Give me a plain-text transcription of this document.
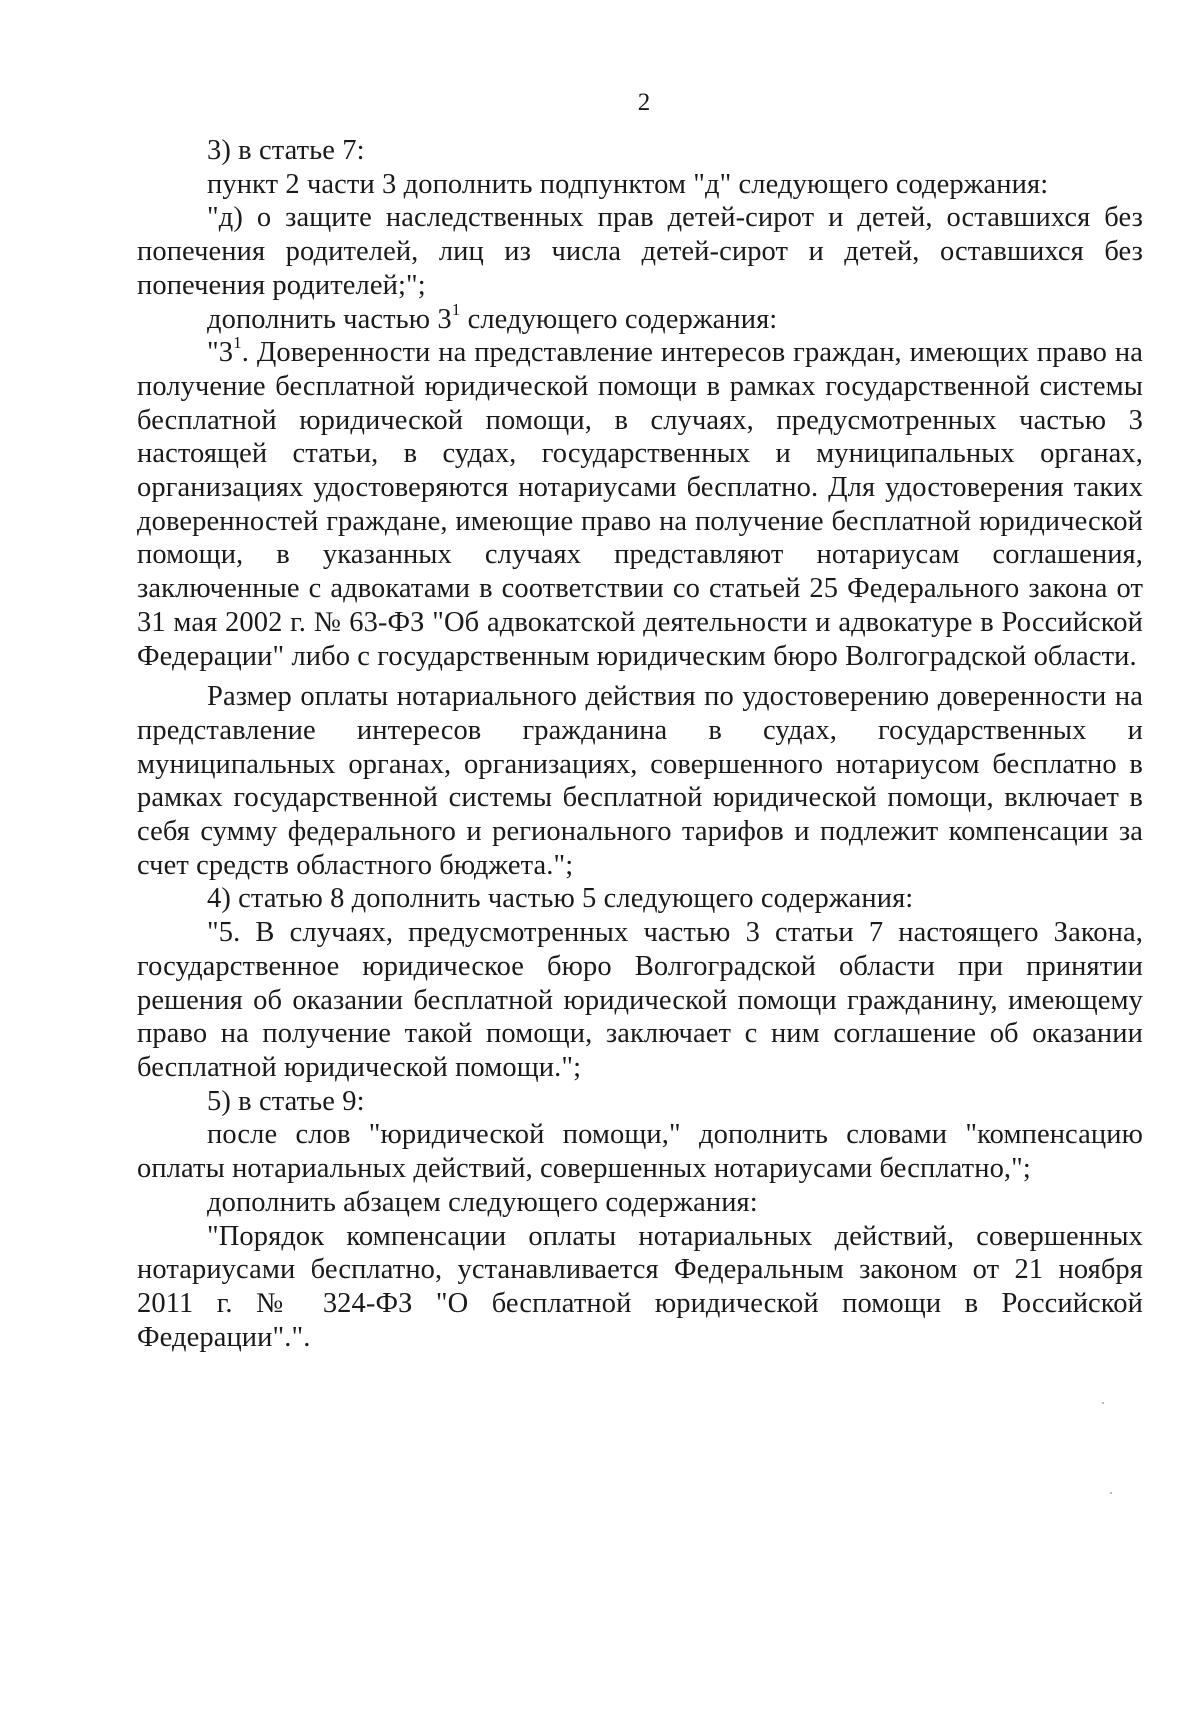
2

3) в статье 7:

пункт 2 части 3 дополнить подпунктом "д" следующего содержания:

"д) о защите наследственных прав детей-сирот и детей, оставшихся без попечения родителей, лиц из числа детей-сирот и детей, оставшихся без попечения родителей;";

дополнить частью $3^1$ следующего содержания:

"$3^1$. Доверенности на представление интересов граждан, имеющих право на получение бесплатной юридической помощи в рамках государственной системы бесплатной юридической помощи, в случаях, предусмотренных частью 3 настоящей статьи, в судах, государственных и муниципальных органах, организациях удостоверяются нотариусами бесплатно. Для удостоверения таких доверенностей граждане, имеющие право на получение бесплатной юридической помощи, в указанных случаях представляют нотариусам соглашения, заключенные с адвокатами в соответствии со статьей 25 Федерального закона от 31 мая 2002 г. № 63-ФЗ "Об адвокатской деятельности и адвокатуре в Российской Федерации" либо с государственным юридическим бюро Волгоградской области.

Размер оплаты нотариального действия по удостоверению доверенности на представление интересов гражданина в судах, государственных и муниципальных органах, организациях, совершенного нотариусом бесплатно в рамках государственной системы бесплатной юридической помощи, включает в себя сумму федерального и регионального тарифов и подлежит компенсации за счет средств областного бюджета.";

4) статью 8 дополнить частью 5 следующего содержания:

"5. В случаях, предусмотренных частью 3 статьи 7 настоящего Закона, государственное юридическое бюро Волгоградской области при принятии решения об оказании бесплатной юридической помощи гражданину, имеющему право на получение такой помощи, заключает с ним соглашение об оказании бесплатной юридической помощи.";

5) в статье 9:

после слов "юридической помощи," дополнить словами "компенсацию оплаты нотариальных действий, совершенных нотариусами бесплатно,";

дополнить абзацем следующего содержания:

"Порядок компенсации оплаты нотариальных действий, совершенных нотариусами бесплатно, устанавливается Федеральным законом от 21 ноября 2011 г. № 324-ФЗ "О бесплатной юридической помощи в Российской Федерации".".
